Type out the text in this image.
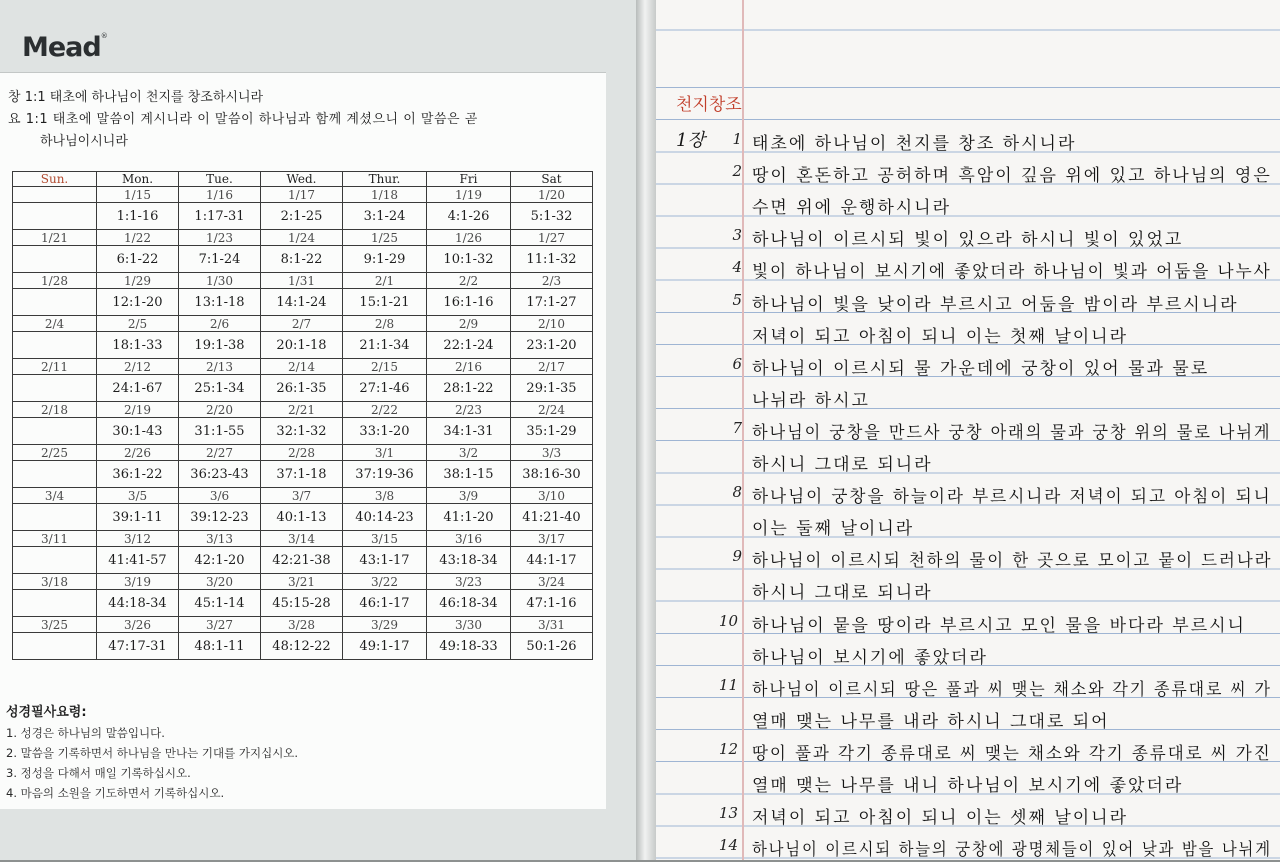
Mead®
창 1:1 태초에 하나님이 천지를 창조하시니라
요 1:1 태초에 말씀이 계시니라 이 말씀이 하나님과 함께 계셨으니 이 말씀은 곧
하나님이시니라
Sun.	Mon.	Tue.	Wed.	Thur.	Fri	Sat
	1/15	1/16	1/17	1/18	1/19	1/20
	1:1-16	1:17-31	2:1-25	3:1-24	4:1-26	5:1-32
1/21	1/22	1/23	1/24	1/25	1/26	1/27
	6:1-22	7:1-24	8:1-22	9:1-29	10:1-32	11:1-32
1/28	1/29	1/30	1/31	2/1	2/2	2/3
	12:1-20	13:1-18	14:1-24	15:1-21	16:1-16	17:1-27
2/4	2/5	2/6	2/7	2/8	2/9	2/10
	18:1-33	19:1-38	20:1-18	21:1-34	22:1-24	23:1-20
2/11	2/12	2/13	2/14	2/15	2/16	2/17
	24:1-67	25:1-34	26:1-35	27:1-46	28:1-22	29:1-35
2/18	2/19	2/20	2/21	2/22	2/23	2/24
	30:1-43	31:1-55	32:1-32	33:1-20	34:1-31	35:1-29
2/25	2/26	2/27	2/28	3/1	3/2	3/3
	36:1-22	36:23-43	37:1-18	37:19-36	38:1-15	38:16-30
3/4	3/5	3/6	3/7	3/8	3/9	3/10
	39:1-11	39:12-23	40:1-13	40:14-23	41:1-20	41:21-40
3/11	3/12	3/13	3/14	3/15	3/16	3/17
	41:41-57	42:1-20	42:21-38	43:1-17	43:18-34	44:1-17
3/18	3/19	3/20	3/21	3/22	3/23	3/24
	44:18-34	45:1-14	45:15-28	46:1-17	46:18-34	47:1-16
3/25	3/26	3/27	3/28	3/29	3/30	3/31
	47:17-31	48:1-11	48:12-22	49:1-17	49:18-33	50:1-26
성경필사요령:
1. 성경은 하나님의 말씀입니다.
2. 말씀을 기록하면서 하나님을 만나는 기대를 가지십시오.
3. 정성을 다해서 매일 기록하십시오.
4. 마음의 소원을 기도하면서 기록하십시오.
천지창조
1장	1 태초에 하나님이 천지를 창조 하시니라
2 땅이 혼돈하고 공허하며 흑암이 깊음 위에 있고 하나님의 영은
수면 위에 운행하시니라
3 하나님이 이르시되 빛이 있으라 하시니 빛이 있었고
4 빛이 하나님이 보시기에 좋았더라 하나님이 빛과 어둠을 나누사
5 하나님이 빛을 낮이라 부르시고 어둠을 밤이라 부르시니라
저녁이 되고 아침이 되니 이는 첫째 날이니라
6 하나님이 이르시되 물 가운데에 궁창이 있어 물과 물로
나뉘라 하시고
7 하나님이 궁창을 만드사 궁창 아래의 물과 궁창 위의 물로 나뉘게
하시니 그대로 되니라
8 하나님이 궁창을 하늘이라 부르시니라 저녁이 되고 아침이 되니
이는 둘째 날이니라
9 하나님이 이르시되 천하의 물이 한 곳으로 모이고 뭍이 드러나라
하시니 그대로 되니라
10 하나님이 뭍을 땅이라 부르시고 모인 물을 바다라 부르시니
하나님이 보시기에 좋았더라
11 하나님이 이르시되 땅은 풀과 씨 맺는 채소와 각기 종류대로 씨 가
열매 맺는 나무를 내라 하시니 그대로 되어
12 땅이 풀과 각기 종류대로 씨 맺는 채소와 각기 종류대로 씨 가진
열매 맺는 나무를 내니 하나님이 보시기에 좋았더라
13 저녁이 되고 아침이 되니 이는 셋째 날이니라
14 하나님이 이르시되 하늘의 궁창에 광명체들이 있어 낮과 밤을 나뉘게
